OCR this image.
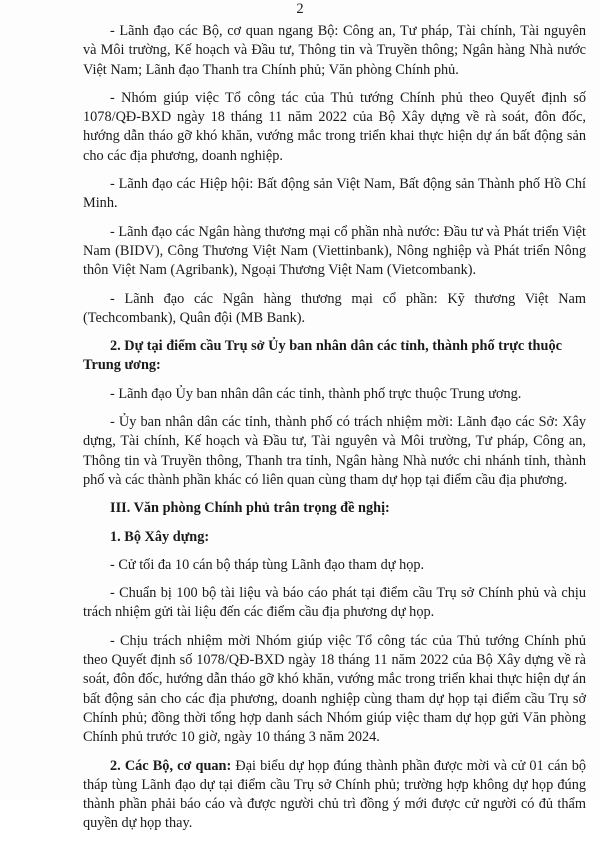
2

- Lãnh đạo các Bộ, cơ quan ngang Bộ: Công an, Tư pháp, Tài chính, Tài nguyên và Môi trường, Kế hoạch và Đầu tư, Thông tin và Truyền thông; Ngân hàng Nhà nước Việt Nam; Lãnh đạo Thanh tra Chính phủ; Văn phòng Chính phủ.

- Nhóm giúp việc Tổ công tác của Thủ tướng Chính phủ theo Quyết định số 1078/QĐ-BXD ngày 18 tháng 11 năm 2022 của Bộ Xây dựng về rà soát, đôn đốc, hướng dẫn tháo gỡ khó khăn, vướng mắc trong triển khai thực hiện dự án bất động sản cho các địa phương, doanh nghiệp.

- Lãnh đạo các Hiệp hội: Bất động sản Việt Nam, Bất động sản Thành phố Hồ Chí Minh.

- Lãnh đạo các Ngân hàng thương mại cổ phần nhà nước: Đầu tư và Phát triển Việt Nam (BIDV), Công Thương Việt Nam (Viettinbank), Nông nghiệp và Phát triển Nông thôn Việt Nam (Agribank), Ngoại Thương Việt Nam (Vietcombank).

- Lãnh đạo các Ngân hàng thương mại cổ phần: Kỹ thương Việt Nam (Techcombank), Quân đội (MB Bank).

2. Dự tại điểm cầu Trụ sở Ủy ban nhân dân các tỉnh, thành phố trực thuộc Trung ương:

- Lãnh đạo Ủy ban nhân dân các tỉnh, thành phố trực thuộc Trung ương.

- Ủy ban nhân dân các tỉnh, thành phố có trách nhiệm mời: Lãnh đạo các Sở: Xây dựng, Tài chính, Kế hoạch và Đầu tư, Tài nguyên và Môi trường, Tư pháp, Công an, Thông tin và Truyền thông, Thanh tra tỉnh, Ngân hàng Nhà nước chi nhánh tỉnh, thành phố và các thành phần khác có liên quan cùng tham dự họp tại điểm cầu địa phương.

III. Văn phòng Chính phủ trân trọng đề nghị:

1. Bộ Xây dựng:

- Cử tối đa 10 cán bộ tháp tùng Lãnh đạo tham dự họp.

- Chuẩn bị 100 bộ tài liệu và báo cáo phát tại điểm cầu Trụ sở Chính phủ và chịu trách nhiệm gửi tài liệu đến các điểm cầu địa phương dự họp.

- Chịu trách nhiệm mời Nhóm giúp việc Tổ công tác của Thủ tướng Chính phủ theo Quyết định số 1078/QĐ-BXD ngày 18 tháng 11 năm 2022 của Bộ Xây dựng về rà soát, đôn đốc, hướng dẫn tháo gỡ khó khăn, vướng mắc trong triển khai thực hiện dự án bất động sản cho các địa phương, doanh nghiệp cùng tham dự họp tại điểm cầu Trụ sở Chính phủ; đồng thời tổng hợp danh sách Nhóm giúp việc tham dự họp gửi Văn phòng Chính phủ trước 10 giờ, ngày 10 tháng 3 năm 2024.

2. Các Bộ, cơ quan: Đại biểu dự họp đúng thành phần được mời và cử 01 cán bộ tháp tùng Lãnh đạo dự tại điểm cầu Trụ sở Chính phủ; trường hợp không dự họp đúng thành phần phải báo cáo và được người chủ trì đồng ý mới được cử người có đủ thẩm quyền dự họp thay.
